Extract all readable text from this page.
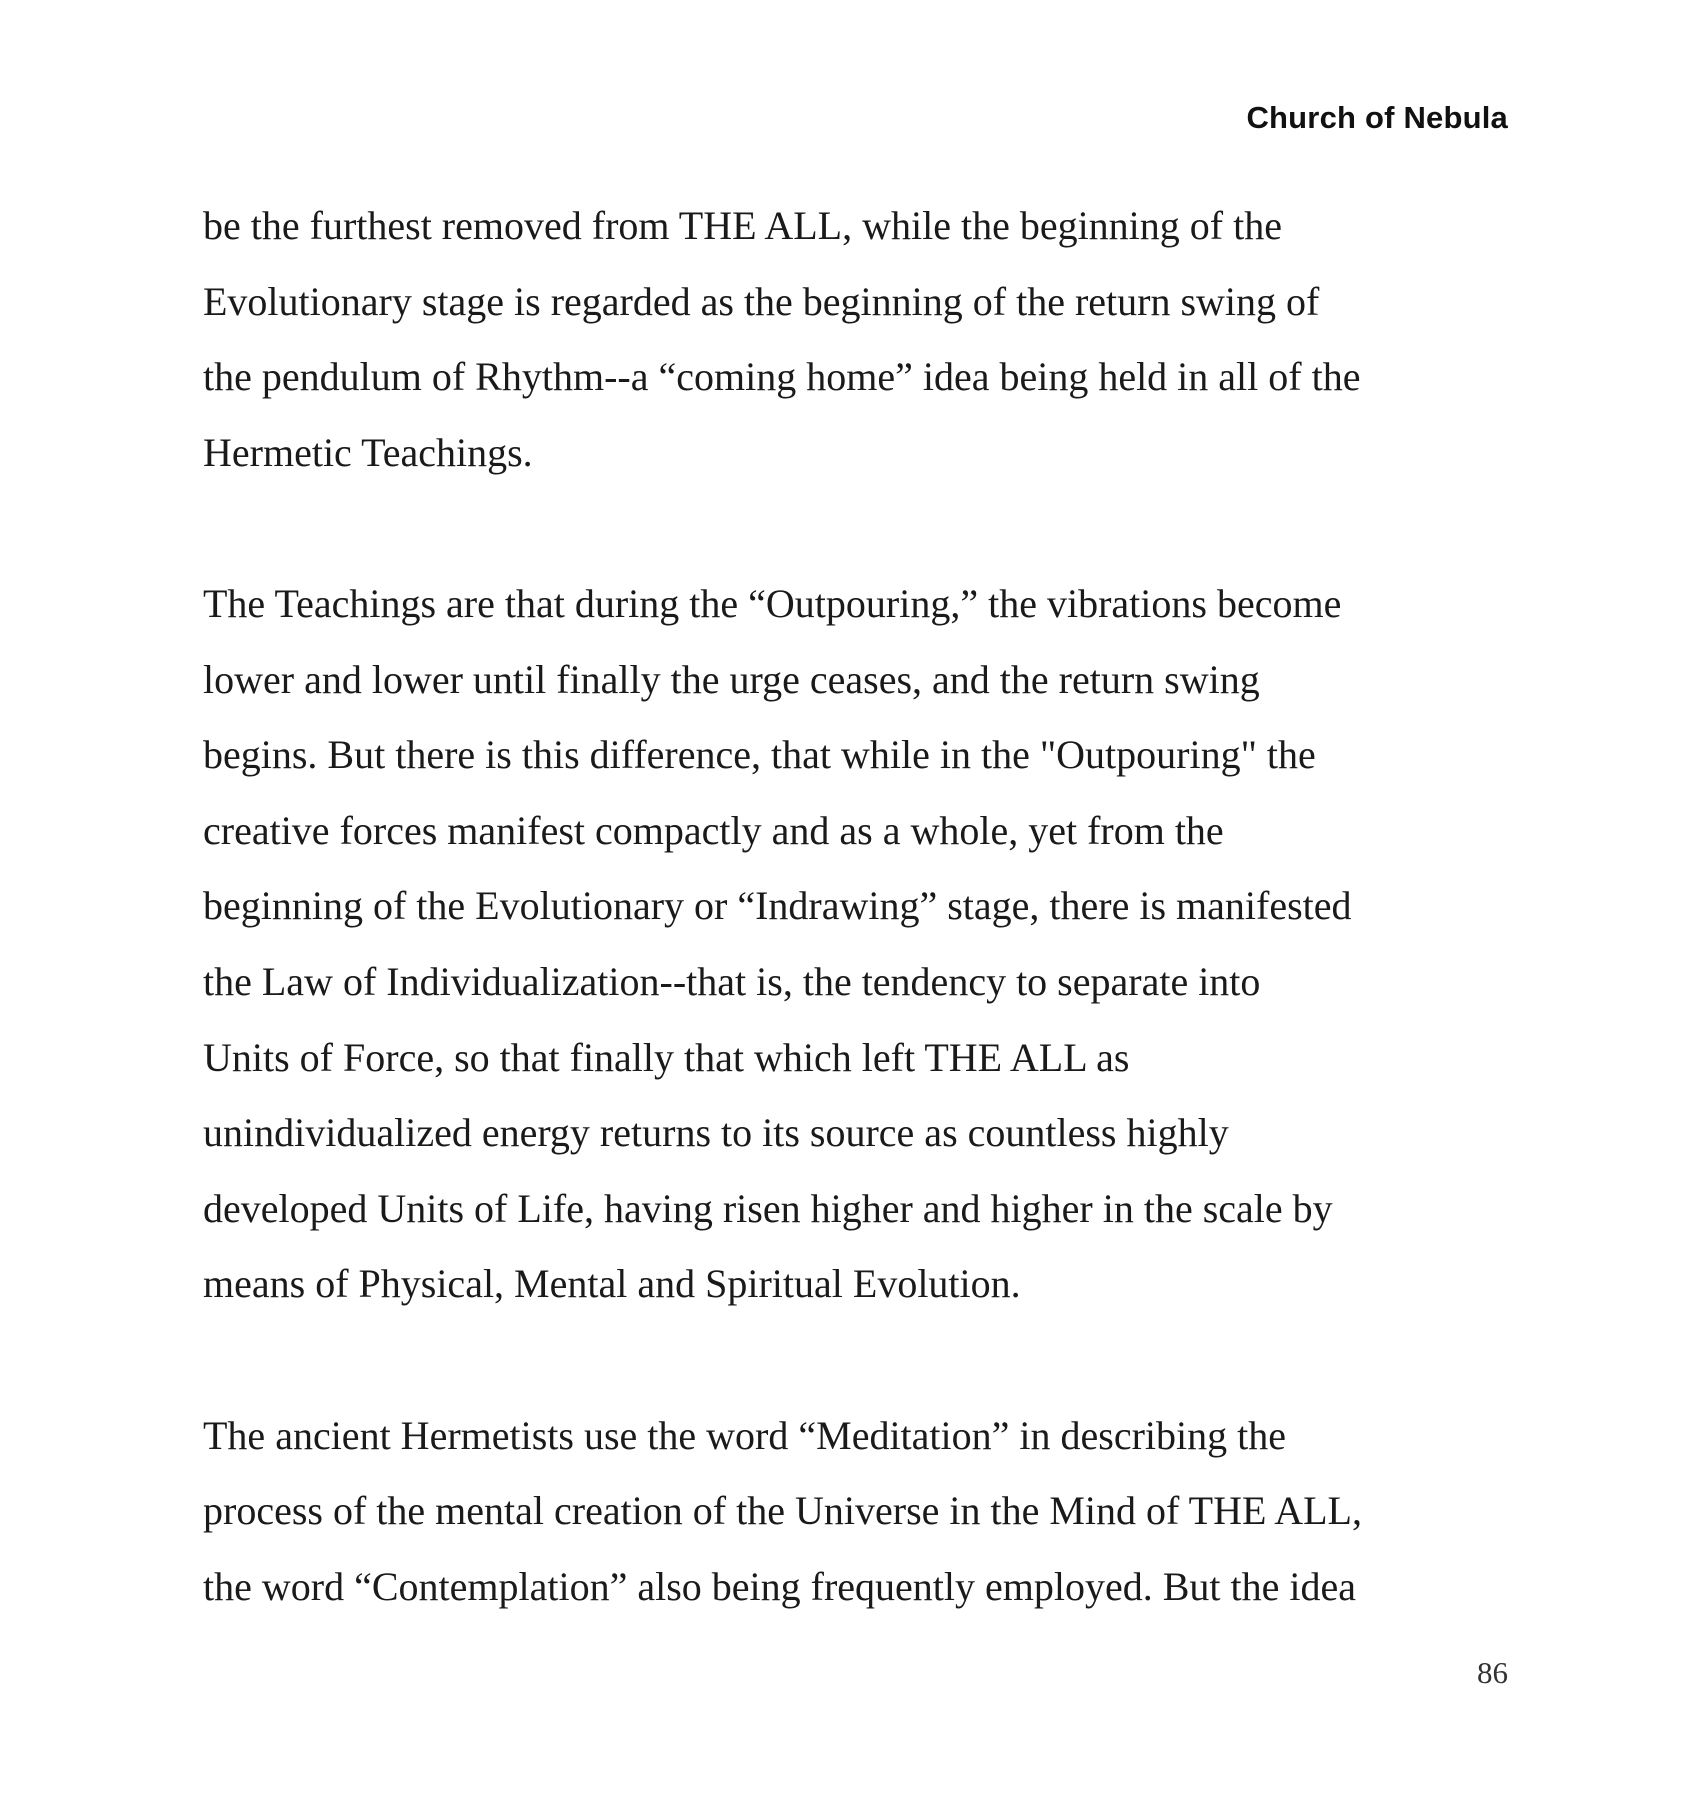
Church of Nebula

be the furthest removed from THE ALL, while the beginning of the
Evolutionary stage is regarded as the beginning of the return swing of
the pendulum of Rhythm--a “coming home” idea being held in all of the
Hermetic Teachings.

The Teachings are that during the “Outpouring,” the vibrations become
lower and lower until finally the urge ceases, and the return swing
begins. But there is this difference, that while in the "Outpouring" the
creative forces manifest compactly and as a whole, yet from the
beginning of the Evolutionary or “Indrawing” stage, there is manifested
the Law of Individualization--that is, the tendency to separate into
Units of Force, so that finally that which left THE ALL as
unindividualized energy returns to its source as countless highly
developed Units of Life, having risen higher and higher in the scale by
means of Physical, Mental and Spiritual Evolution.

The ancient Hermetists use the word “Meditation” in describing the
process of the mental creation of the Universe in the Mind of THE ALL,
the word “Contemplation” also being frequently employed. But the idea

86
